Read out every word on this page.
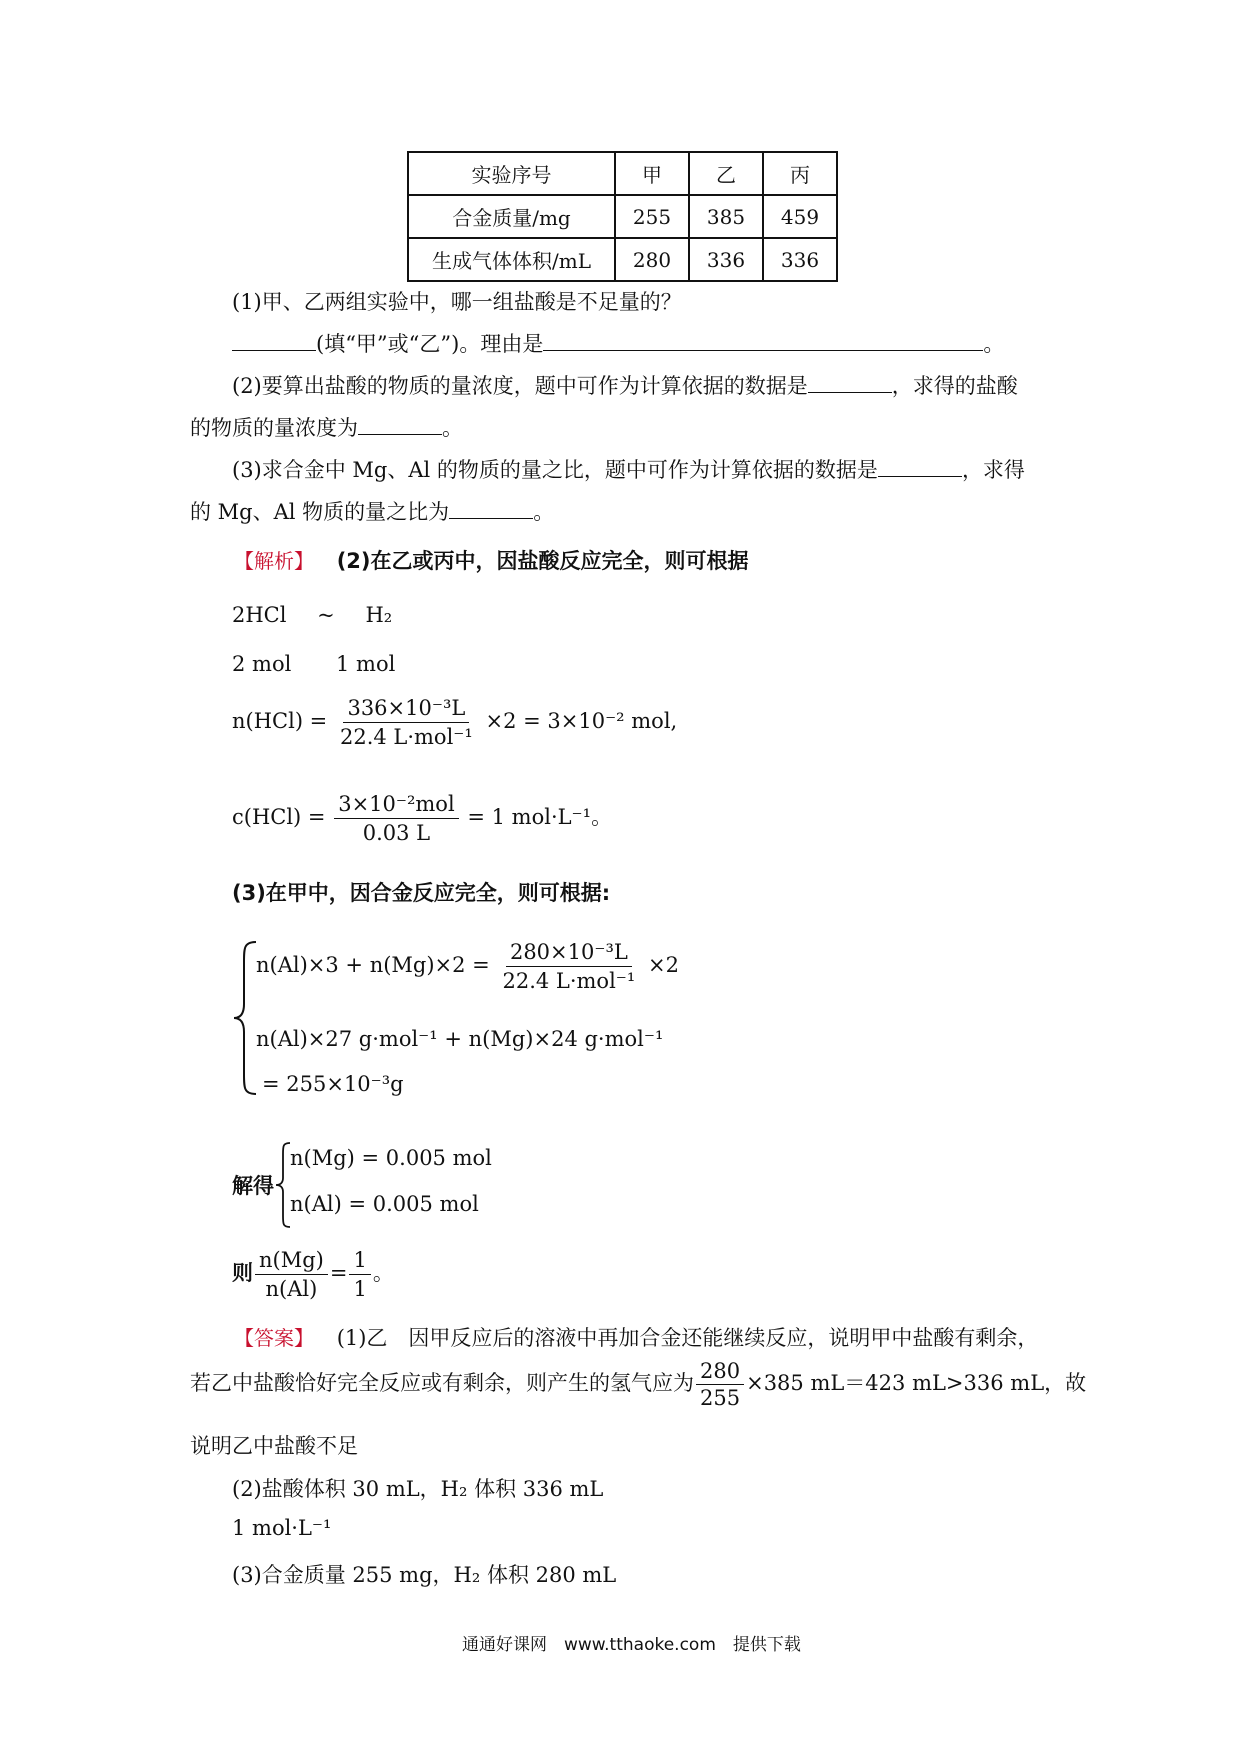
实验序号	甲	乙	丙
合金质量/mg	255	385	459
生成气体体积/mL	280	336	336
(1)甲、乙两组实验中，哪一组盐酸是不足量的？
(填“甲”或“乙”)。理由是	。
(2)要算出盐酸的物质的量浓度，题中可作为计算依据的数据是	，求得的盐酸
的物质的量浓度为	。
(3)求合金中 Mg、Al 的物质的量之比，题中可作为计算依据的数据是	，求得
的 Mg、Al 物质的量之比为	。
【解析】 (2)在乙或丙中，因盐酸反应完全，则可根据
2HCl ~ H₂
2 mol 1 mol
$n(HCl) = \frac{\text{336×10⁻³L}}{\text{22.4 L·mol⁻¹}} \times 2 = 3\times 10^{-2}$ mol,
$c(HCl) = \frac{\text{3×10⁻²mol}}{0.03 L} = 1$ mol·L⁻¹。
(3)在甲中，因合金反应完全，则可根据:
$n(Al)\times 3 + n(Mg)\times 2 = \frac{\text{280×10⁻³L}}{\text{22.4 L·mol⁻¹}} \times 2$
n(Al)×27 g·mol⁻¹ + n(Mg)×24 g·mol⁻¹
= 255×10⁻³g
解得
n(Mg) = 0.005 mol
n(Al) = 0.005 mol
则 $\frac{n(Mg)}{n(Al)} = \frac{1}{1}$ 。
【答案】 (1)乙　因甲反应后的溶液中再加合金还能继续反应，说明甲中盐酸有剩余，
若乙中盐酸恰好完全反应或有剩余，则产生的氢气应为 $\frac{280}{255} \times 385$ mL＝423 mL>336 mL，故
说明乙中盐酸不足
(2)盐酸体积 30 mL，H₂ 体积 336 mL
1 mol·L⁻¹
(3)合金质量 255 mg，H₂ 体积 280 mL
通通好课网　www.tthaoke.com　提供下载
